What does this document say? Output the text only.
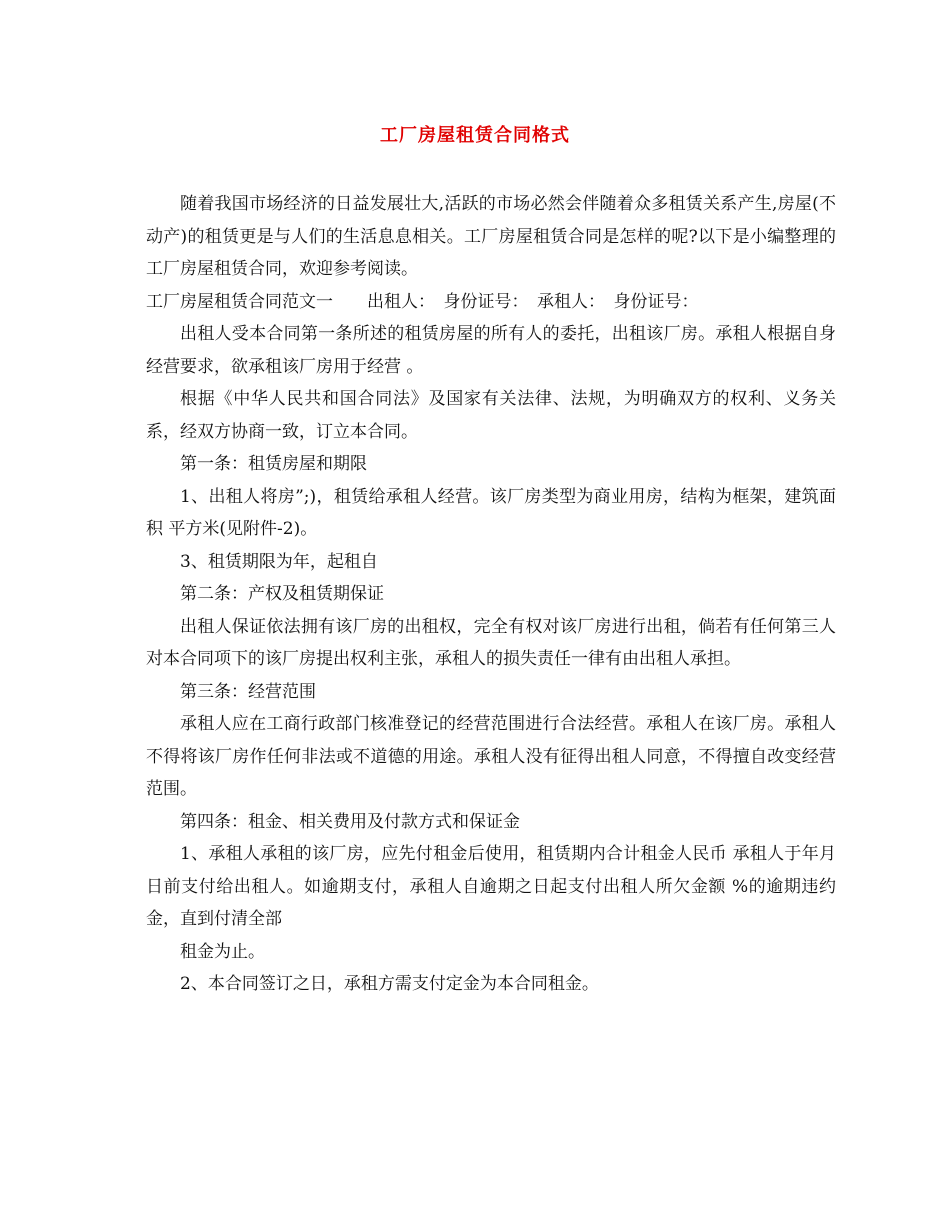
工厂房屋租赁合同格式

随着我国市场经济的日益发展壮大,活跃的市场必然会伴随着众多租赁关系产生,房屋(不动产)的租赁更是与人们的生活息息相关。工厂房屋租赁合同是怎样的呢?以下是小编整理的工厂房屋租赁合同，欢迎参考阅读。

工厂房屋租赁合同范文一　　出租人：　身份证号：　承租人：　身份证号：

出租人受本合同第一条所述的租赁房屋的所有人的委托，出租该厂房。承租人根据自身经营要求，欲承租该厂房用于经营 。

根据《中华人民共和国合同法》及国家有关法律、法规，为明确双方的权利、义务关系，经双方协商一致，订立本合同。

第一条：租赁房屋和期限

1、出租人将房”;)，租赁给承租人经营。该厂房类型为商业用房，结构为框架，建筑面积 平方米(见附件-2)。

3、租赁期限为年，起租自

第二条：产权及租赁期保证

出租人保证依法拥有该厂房的出租权，完全有权对该厂房进行出租，倘若有任何第三人对本合同项下的该厂房提出权利主张，承租人的损失责任一律有由出租人承担。

第三条：经营范围

承租人应在工商行政部门核准登记的经营范围进行合法经营。承租人在该厂房。承租人不得将该厂房作任何非法或不道德的用途。承租人没有征得出租人同意，不得擅自改变经营范围。

第四条：租金、相关费用及付款方式和保证金

1、承租人承租的该厂房，应先付租金后使用，租赁期内合计租金人民币 承租人于年月日前支付给出租人。如逾期支付，承租人自逾期之日起支付出租人所欠金额 %的逾期违约金，直到付清全部

租金为止。

2、本合同签订之日，承租方需支付定金为本合同租金。
